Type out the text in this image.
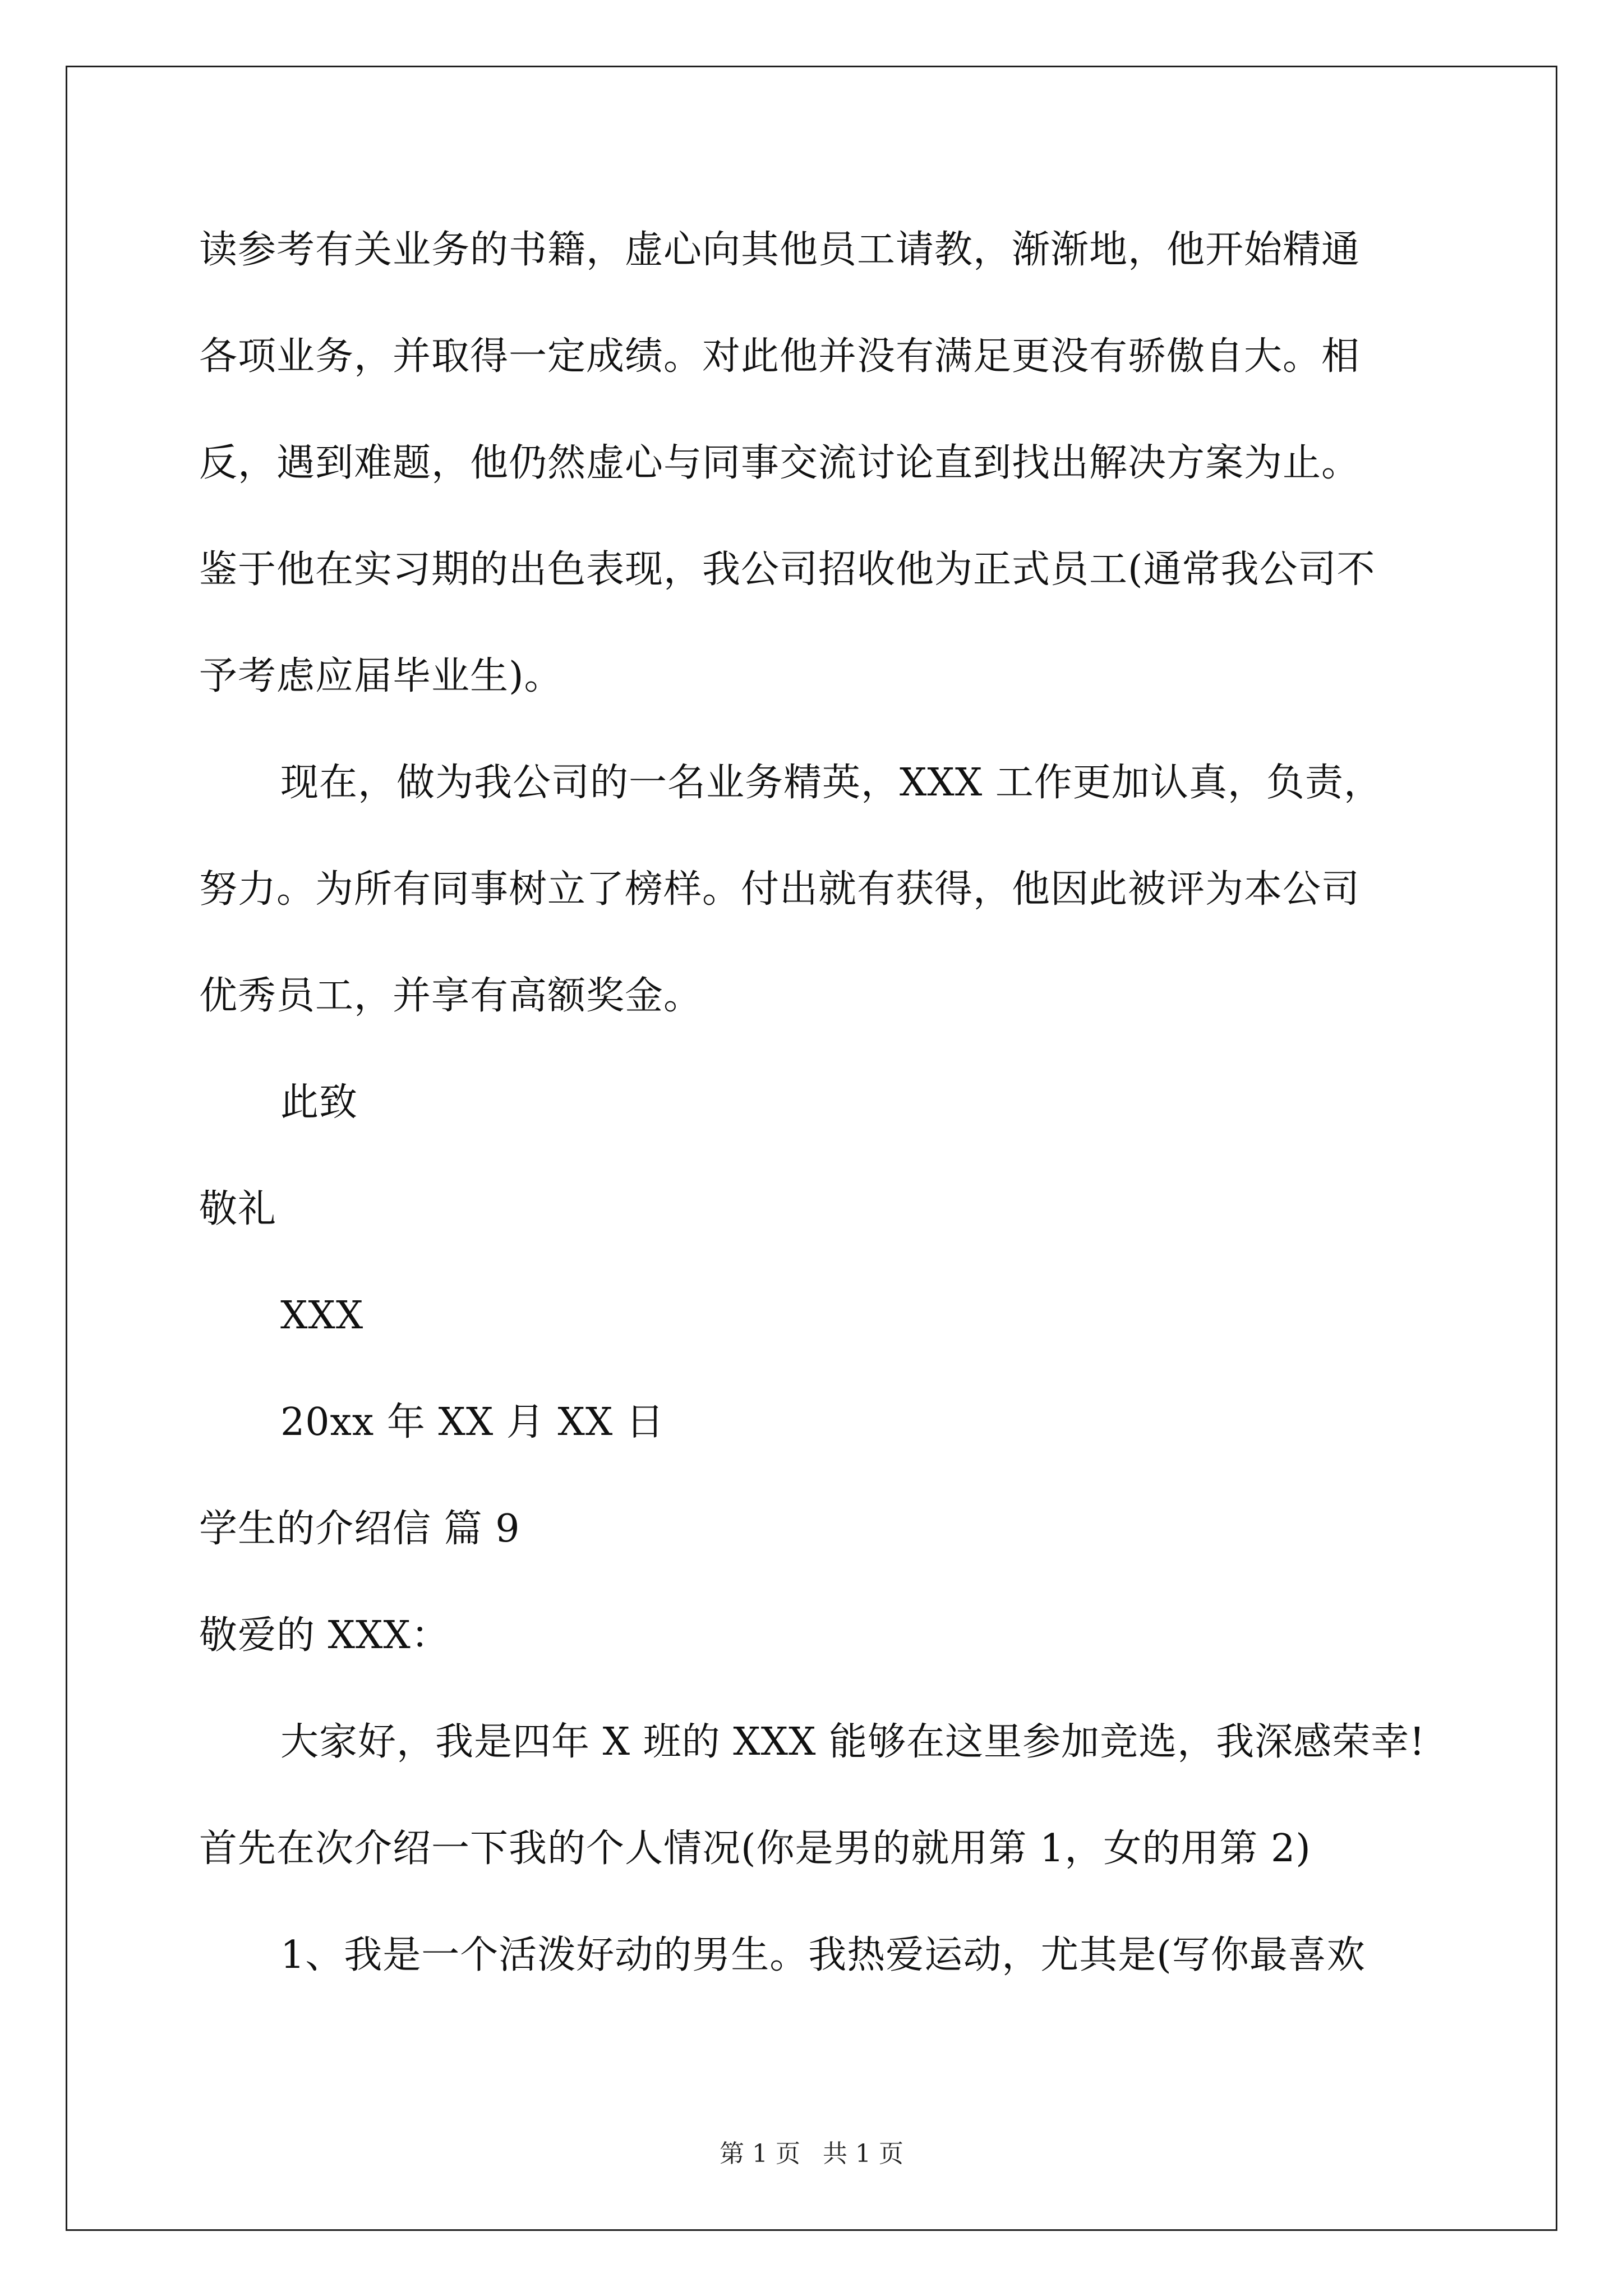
读参考有关业务的书籍，虚心向其他员工请教，渐渐地，他开始精通
各项业务，并取得一定成绩。对此他并没有满足更没有骄傲自大。相
反，遇到难题，他仍然虚心与同事交流讨论直到找出解决方案为止。
鉴于他在实习期的出色表现，我公司招收他为正式员工(通常我公司不
予考虑应届毕业生)。
现在，做为我公司的一名业务精英，XXX 工作更加认真，负责，
努力。为所有同事树立了榜样。付出就有获得，他因此被评为本公司
优秀员工，并享有高额奖金。
此致
敬礼
XXX
20xx 年 XX 月 XX 日
学生的介绍信 篇 9
敬爱的 XXX：
大家好，我是四年 X 班的 XXX 能够在这里参加竞选，我深感荣幸!
首先在次介绍一下我的个人情况(你是男的就用第 1，女的用第 2)
1、我是一个活泼好动的男生。我热爱运动，尤其是(写你最喜欢
第 1 页 共 1 页
